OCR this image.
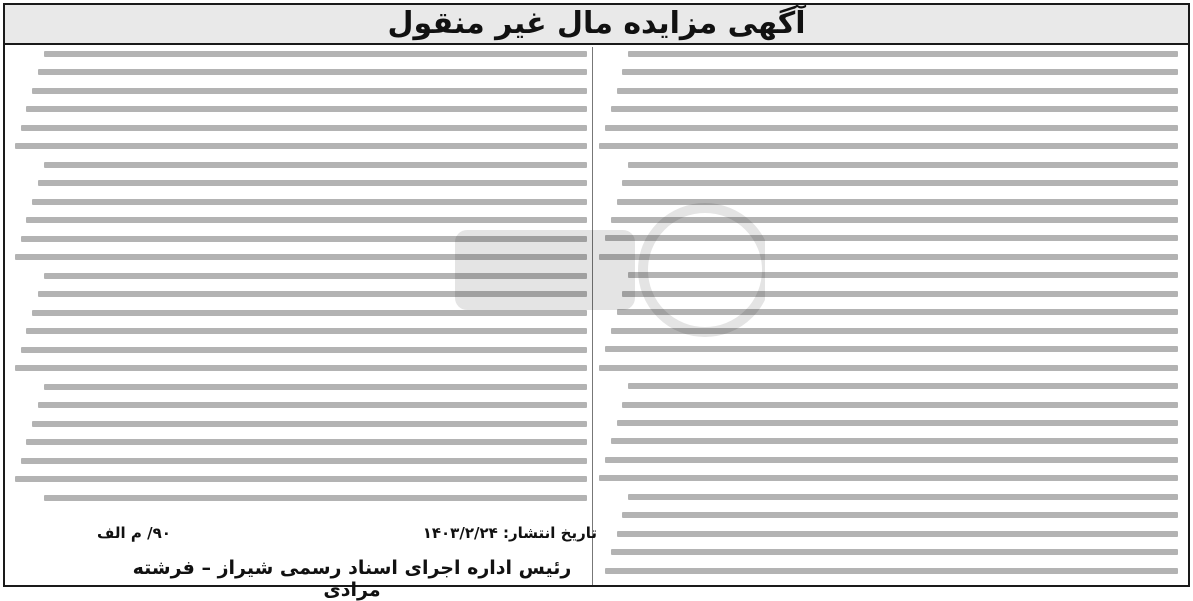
آگهی مزایده مال غیر منقول
تاریخ انتشار: ۱۴۰۳/۲/۲۴
۹۰/ م الف
رئیس اداره اجرای اسناد رسمی شیراز – فرشته مرادی
